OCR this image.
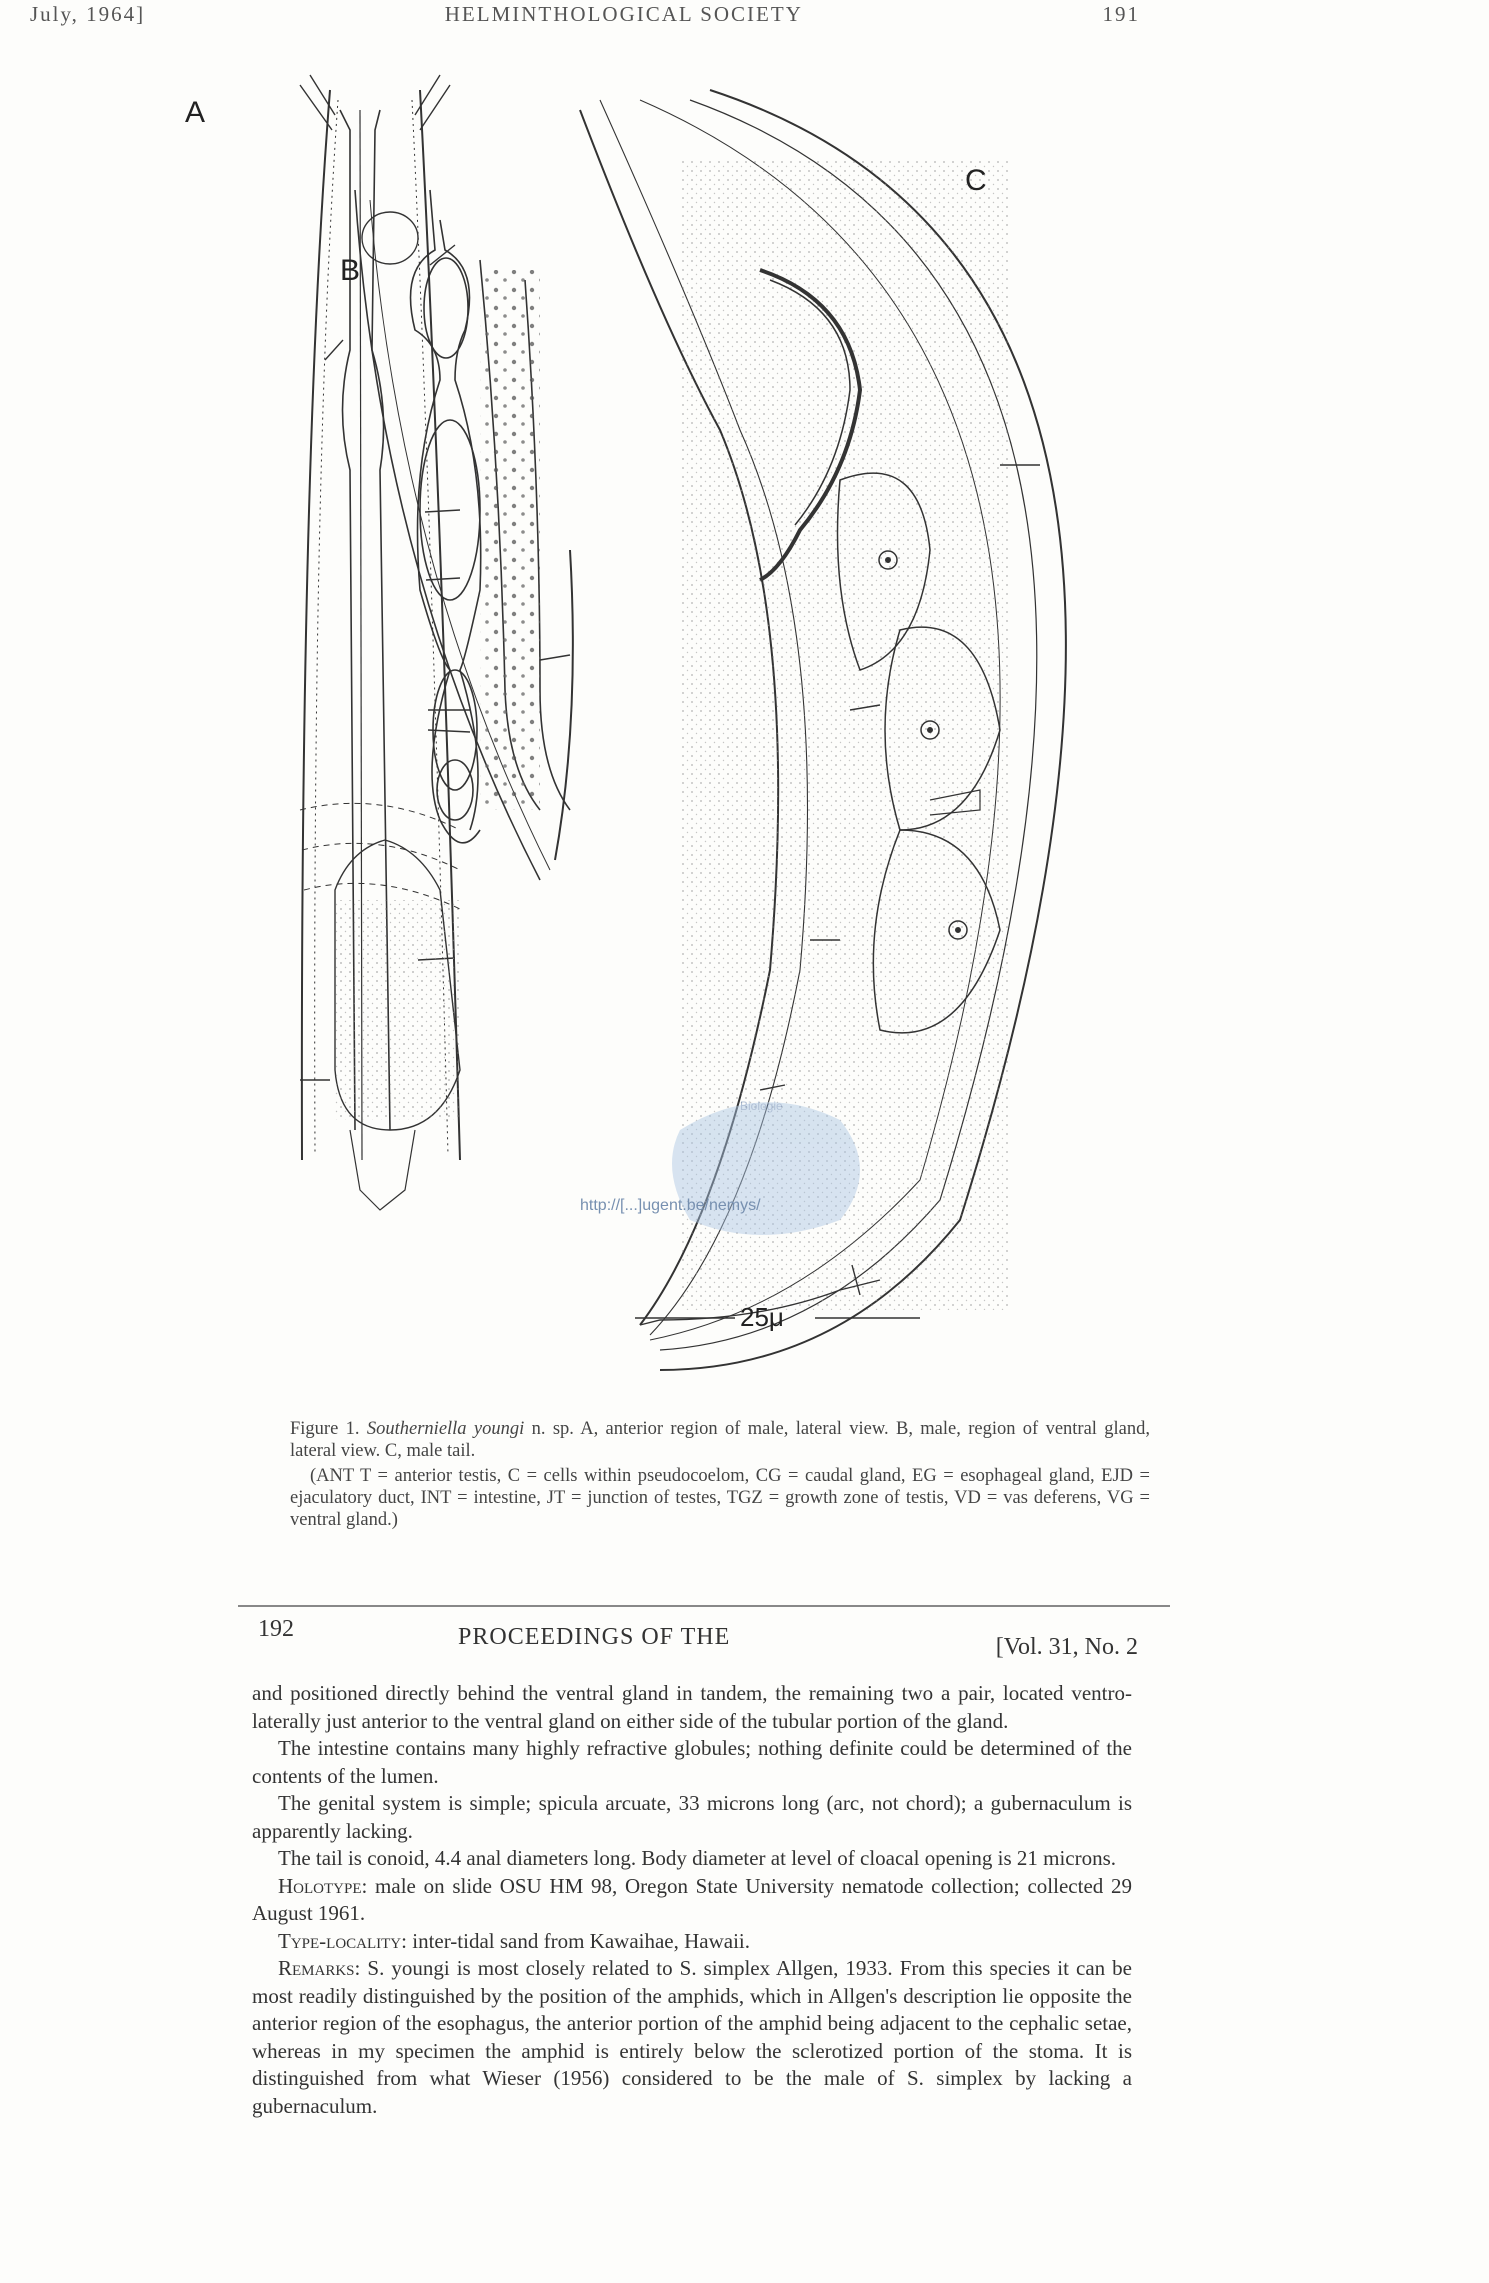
July, 1964]	HELMINTHOLOGICAL SOCIETY	191
A
B
C
Biologie
http://[...]ugent.be/nemys/
25μ

Figure 1. Southerniella youngi n. sp. A, anterior region of male, lateral view. B, male, region of ventral gland, lateral view. C, male tail.

(ANT T = anterior testis, C = cells within pseudocoelom, CG = caudal gland, EG = esophageal gland, EJD = ejaculatory duct, INT = intestine, JT = junction of testes, TGZ = growth zone of testis, VD = vas deferens, VG = ventral gland.)

192	PROCEEDINGS OF THE	[Vol. 31, No. 2

and positioned directly behind the ventral gland in tandem, the remaining two a pair, located ventro-laterally just anterior to the ventral gland on either side of the tubular portion of the gland.

The intestine contains many highly refractive globules; nothing definite could be determined of the contents of the lumen.

The genital system is simple; spicula arcuate, 33 microns long (arc, not chord); a gubernaculum is apparently lacking.

The tail is conoid, 4.4 anal diameters long. Body diameter at level of cloacal opening is 21 microns.

Holotype: male on slide OSU HM 98, Oregon State University nematode collection; collected 29 August 1961.

Type-locality: inter-tidal sand from Kawaihae, Hawaii.

Remarks: S. youngi is most closely related to S. simplex Allgen, 1933. From this species it can be most readily distinguished by the position of the amphids, which in Allgen's description lie opposite the anterior region of the esophagus, the anterior portion of the amphid being adjacent to the cephalic setae, whereas in my specimen the amphid is entirely below the sclerotized portion of the stoma. It is distinguished from what Wieser (1956) considered to be the male of S. simplex by lacking a gubernaculum.
